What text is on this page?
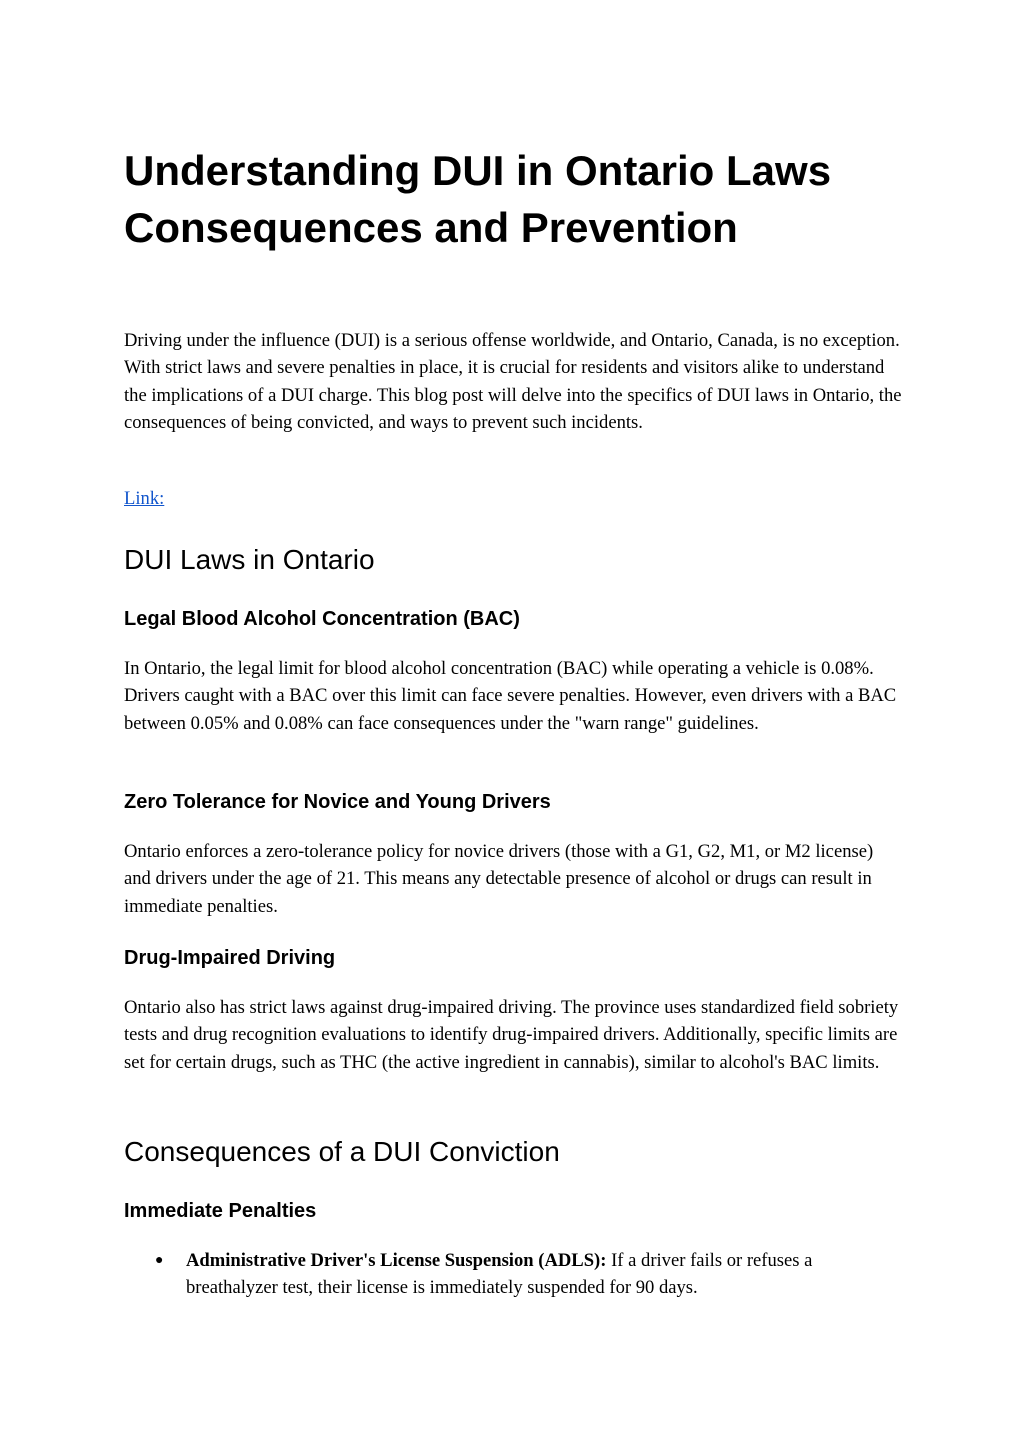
Understanding DUI in Ontario Laws Consequences and Prevention

Driving under the influence (DUI) is a serious offense worldwide, and Ontario, Canada, is no exception. With strict laws and severe penalties in place, it is crucial for residents and visitors alike to understand the implications of a DUI charge. This blog post will delve into the specifics of DUI laws in Ontario, the consequences of being convicted, and ways to prevent such incidents.

Link:
DUI Laws in Ontario
Legal Blood Alcohol Concentration (BAC)

In Ontario, the legal limit for blood alcohol concentration (BAC) while operating a vehicle is 0.08%. Drivers caught with a BAC over this limit can face severe penalties. However, even drivers with a BAC between 0.05% and 0.08% can face consequences under the "warn range" guidelines.

Zero Tolerance for Novice and Young Drivers

Ontario enforces a zero-tolerance policy for novice drivers (those with a G1, G2, M1, or M2 license) and drivers under the age of 21. This means any detectable presence of alcohol or drugs can result in immediate penalties.

Drug-Impaired Driving

Ontario also has strict laws against drug-impaired driving. The province uses standardized field sobriety tests and drug recognition evaluations to identify drug-impaired drivers. Additionally, specific limits are set for certain drugs, such as THC (the active ingredient in cannabis), similar to alcohol's BAC limits.

Consequences of a DUI Conviction
Immediate Penalties
● Administrative Driver's License Suspension (ADLS): If a driver fails or refuses a breathalyzer test, their license is immediately suspended for 90 days.
